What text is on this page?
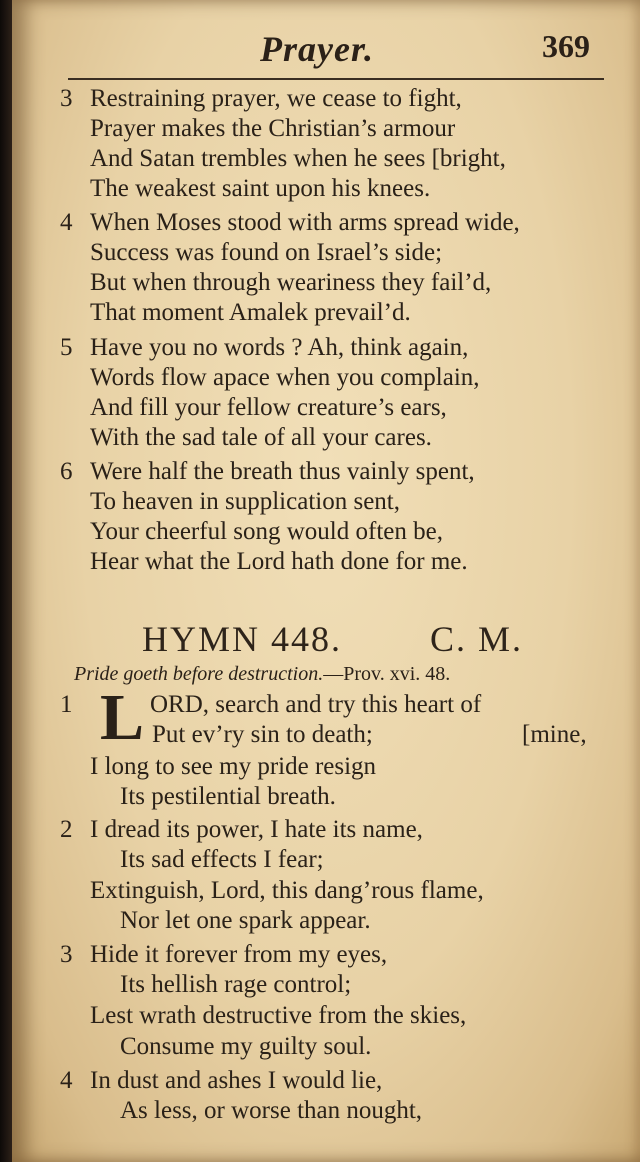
Prayer.	369
3 Restraining prayer, we cease to fight,
Prayer makes the Christian’s armour
And Satan trembles when he sees [bright,
The weakest saint upon his knees.
4 When Moses stood with arms spread wide,
Success was found on Israel’s side;
But when through weariness they fail’d,
That moment Amalek prevail’d.
5 Have you no words ? Ah, think again,
Words flow apace when you complain,
And fill your fellow creature’s ears,
With the sad tale of all your cares.
6 Were half the breath thus vainly spent,
To heaven in supplication sent,
Your cheerful song would often be,
Hear what the Lord hath done for me.
HYMN 448. C. M.
Pride goeth before destruction.—Prov. xvi. 48.
1 L ORD, search and try this heart of
Put ev’ry sin to death;	[mine,
I long to see my pride resign
Its pestilential breath.
2 I dread its power, I hate its name,
Its sad effects I fear;
Extinguish, Lord, this dang’rous flame,
Nor let one spark appear.
3 Hide it forever from my eyes,
Its hellish rage control;
Lest wrath destructive from the skies,
Consume my guilty soul.
4 In dust and ashes I would lie,
As less, or worse than nought,
